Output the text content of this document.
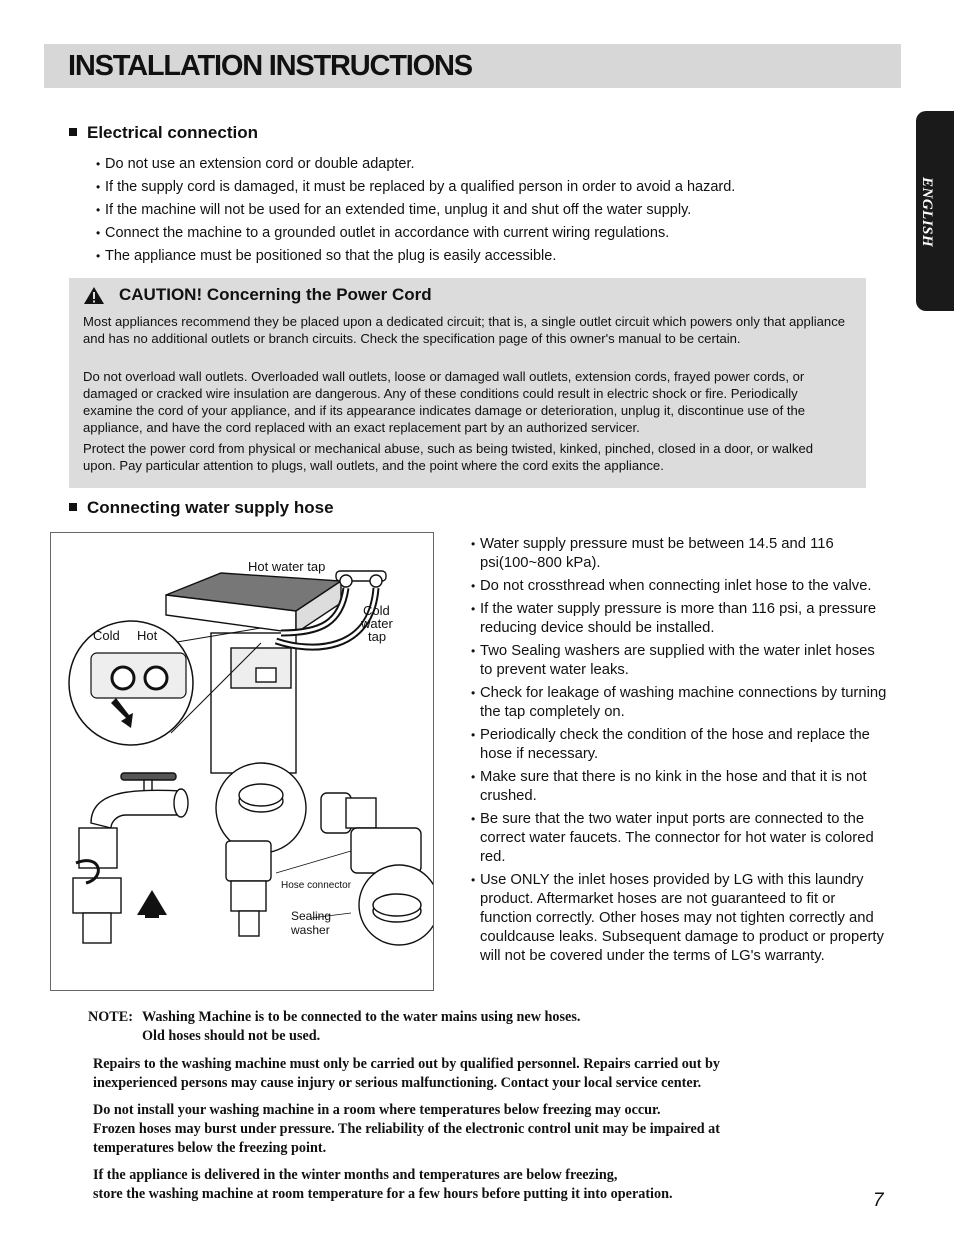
INSTALLATION INSTRUCTIONS
ENGLISH
Electrical connection
• Do not use an extension cord or double adapter.
• If the supply cord is damaged, it must be replaced by a qualified person in order to avoid a hazard.
• If the machine will not be used for an extended time, unplug it and shut off the water supply.
• Connect the machine to a grounded outlet in accordance with current wiring regulations.
• The appliance must be positioned so that the plug is easily accessible.
CAUTION! Concerning the Power Cord
Most appliances recommend they be placed upon a dedicated circuit; that is, a single outlet circuit which powers only that appliance and has no additional outlets or branch circuits. Check the specification page of this owner's manual to be certain.
Do not overload wall outlets. Overloaded wall outlets, loose or damaged wall outlets, extension cords, frayed power cords, or damaged or cracked wire insulation are dangerous. Any of these conditions could result in electric shock or fire. Periodically examine the cord of your appliance, and if its appearance indicates damage or deterioration, unplug it, discontinue use of the appliance, and have the cord replaced with an exact replacement part by an authorized servicer.
Protect the power cord from physical or mechanical abuse, such as being twisted, kinked, pinched, closed in a door, or walked upon. Pay particular attention to plugs, wall outlets, and the point where the cord exits the appliance.
Connecting water supply hose
Hot water tap
Cold
water
tap
Cold Hot
Hose connector
Sealing
washer
• Water supply pressure must be between 14.5 and 116 psi(100~800 kPa).
• Do not crossthread when connecting inlet hose to the valve.
• If the water supply pressure is more than 116 psi, a pressure reducing device should be installed.
• Two Sealing washers are supplied with the water inlet hoses to prevent water leaks.
• Check for leakage of washing machine connections by turning the tap completely on.
• Periodically check the condition of the hose and replace the hose if necessary.
• Make sure that there is no kink in the hose and that it is not crushed.
• Be sure that the two water input ports are connected to the correct water faucets. The connector for hot water is colored red.
• Use ONLY the inlet hoses provided by LG with this laundry product. Aftermarket hoses are not guaranteed to fit or function correctly. Other hoses may not tighten correctly and couldcause leaks. Subsequent damage to product or property will not be covered under the terms of LG's warranty.
NOTE: Washing Machine is to be connected to the water mains using new hoses.
Old hoses should not be used.
Repairs to the washing machine must only be carried out by qualified personnel. Repairs carried out by inexperienced persons may cause injury or serious malfunctioning. Contact your local service center.
Do not install your washing machine in a room where temperatures below freezing may occur.
Frozen hoses may burst under pressure. The reliability of the electronic control unit may be impaired at temperatures below the freezing point.
If the appliance is delivered in the winter months and temperatures are below freezing,
store the washing machine at room temperature for a few hours before putting it into operation.	7
